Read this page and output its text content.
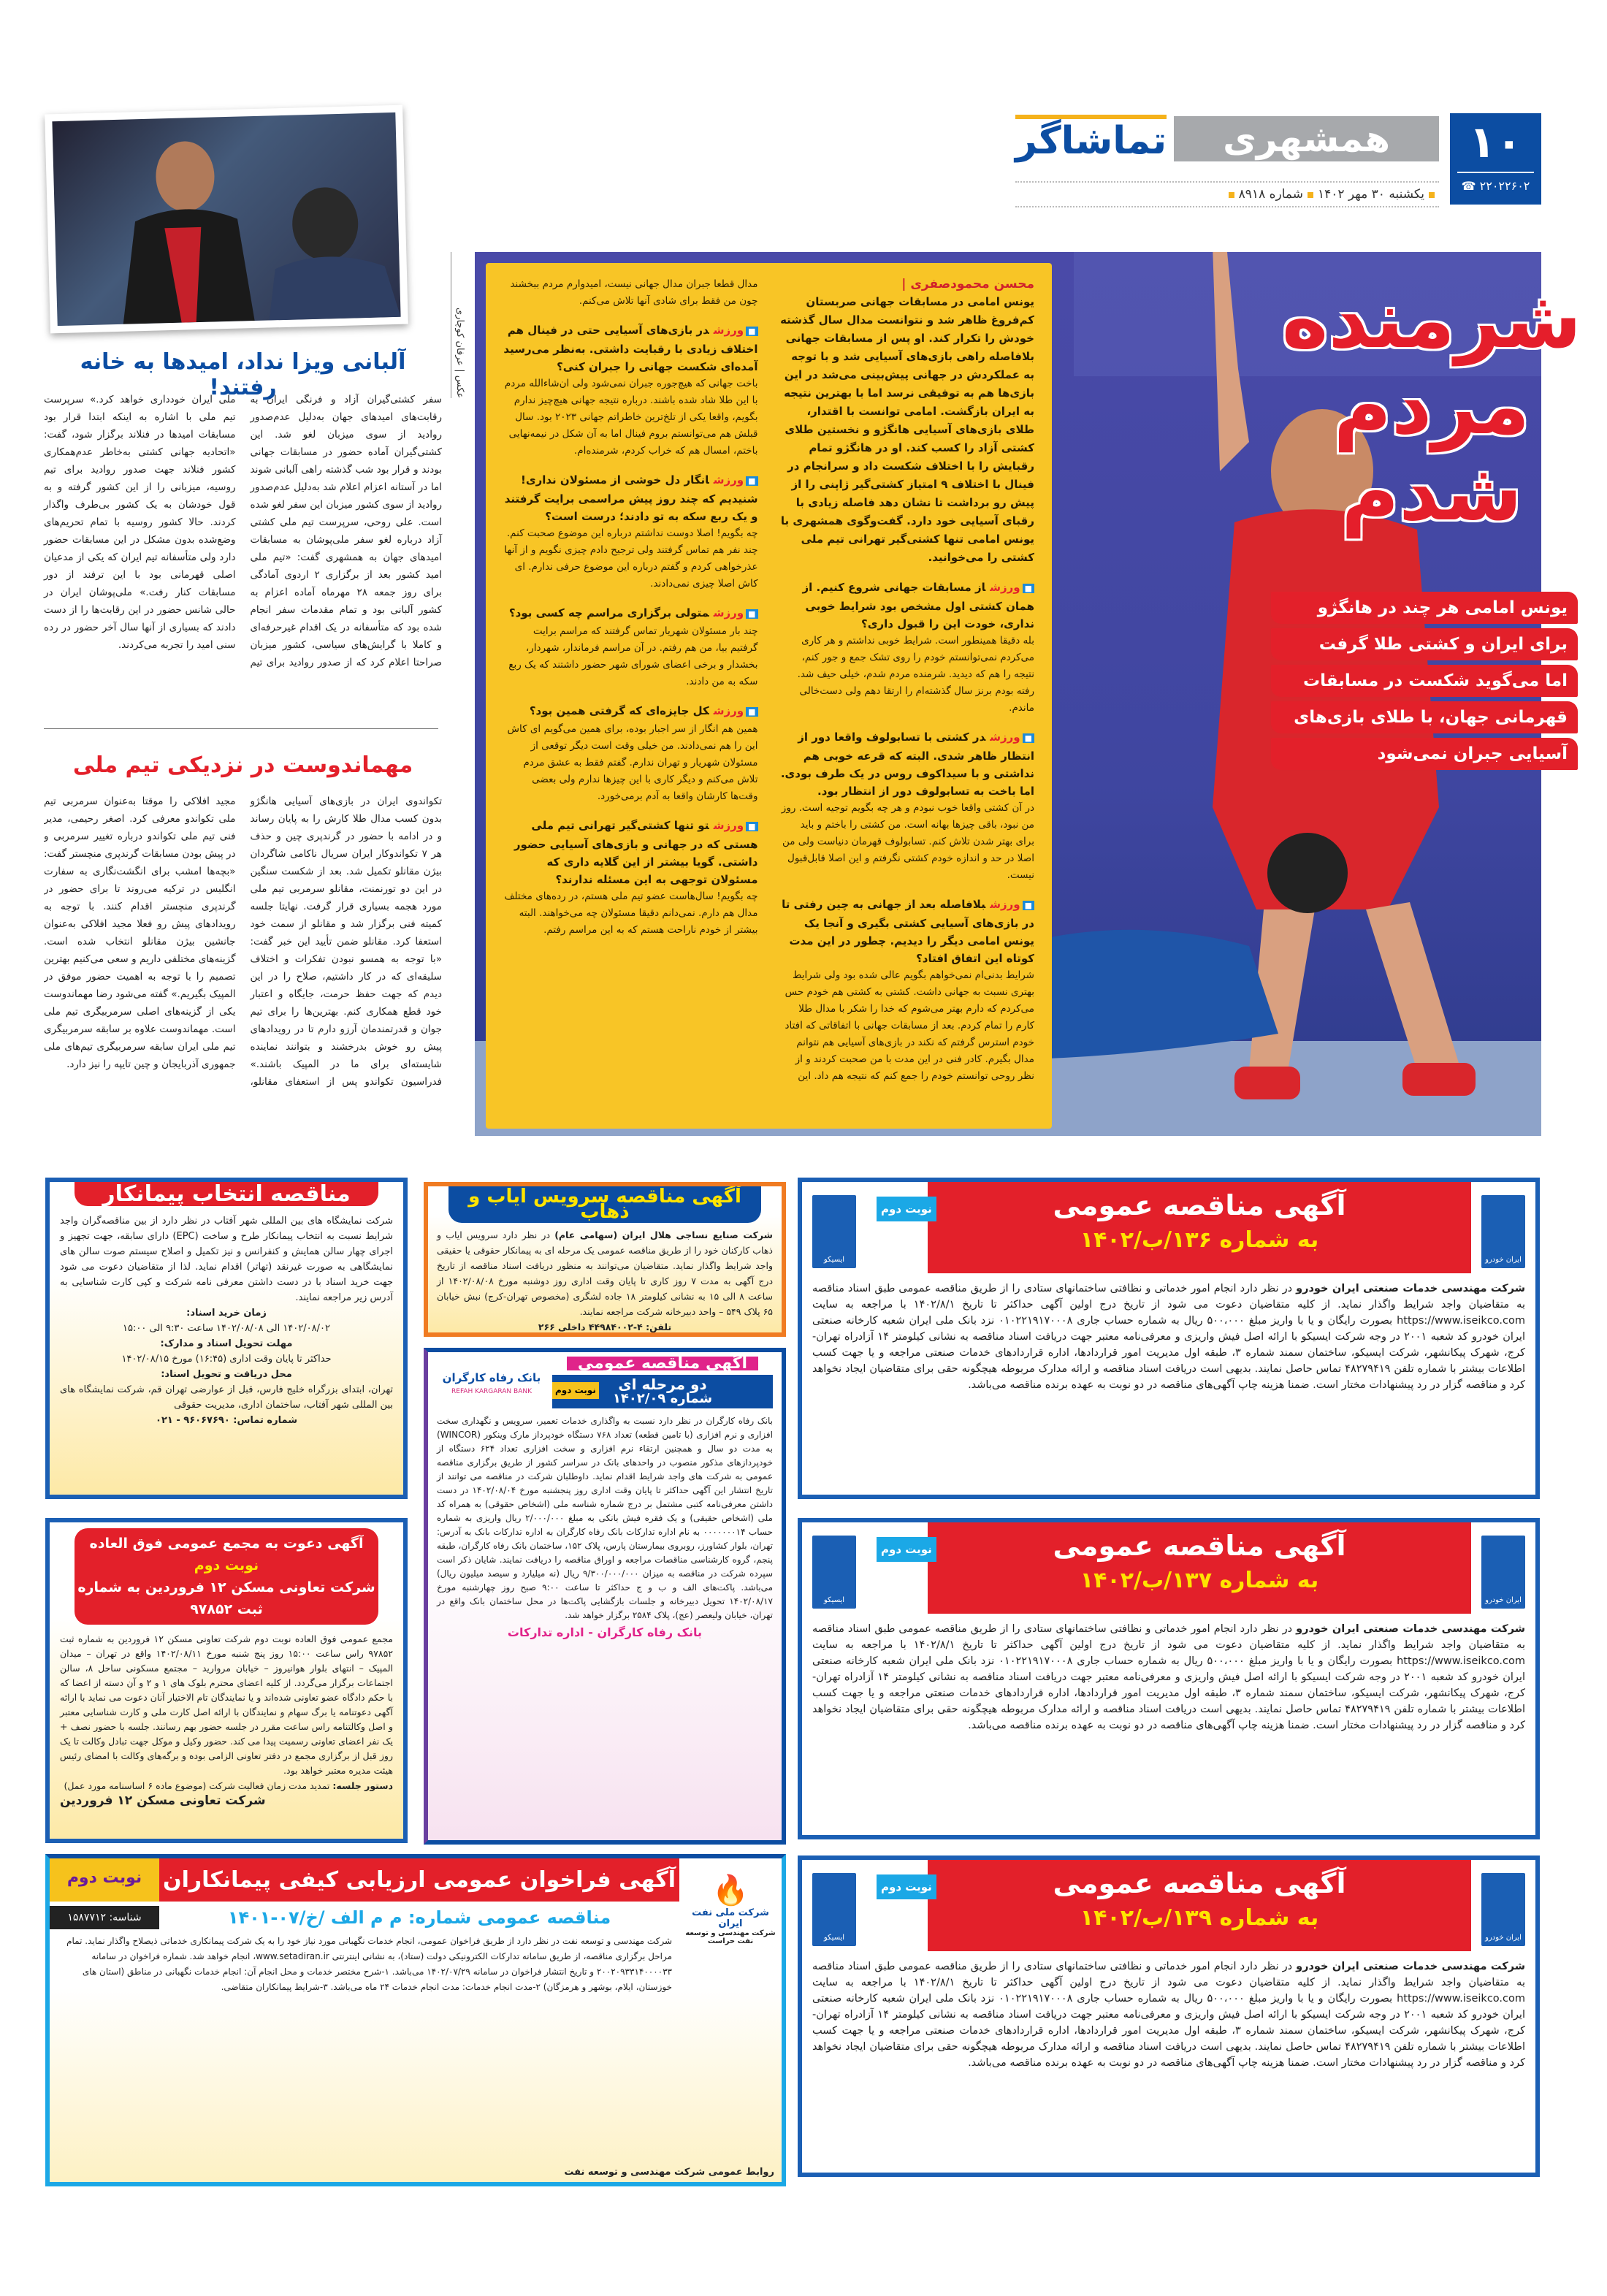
۱۰
☎ ۲۲۰۲۲۶۰۲
همشهری
تماشاگر
یکشنبه ۳۰ مهر ۱۴۰۲شماره ۸۹۱۸
عکس | عرفان کوچاری
محسن محمودصفری |
یونس امامی در مسابقات جهانی صربستان کم‌فروغ ظاهر شد و نتوانست مدال سال گذشته خودش را تکرار کند. او پس از مسابقات جهانی بلافاصله راهی بازی‌های آسیایی شد و با توجه به عملکردش در جهانی پیش‌بینی می‌شد در این بازی‌ها هم به توفیقی نرسد اما با بهترین نتیجه به ایران بازگشت. امامی توانست با اقتدار، طلای بازی‌های آسیایی هانگژو و نخستین طلای کشتی آزاد را کسب کند. او در هانگژو تمام رقبایش را با اختلاف شکست داد و سرانجام در فینال با اختلاف ۹ امتیاز کشتی‌گیر ژاپنی را از پیش رو برداشت تا نشان دهد فاصله زیادی با رقبای آسیایی خود دارد. گفت‌وگوی همشهری با یونس امامی تنها کشتی‌گیر تهرانی تیم ملی کشتی را می‌خوانید.
■ورزشاز مسابقات جهانی شروع کنیم. از همان کشتی اول مشخص بود شرایط خوبی نداری، خودت این را قبول داری؟

بله دقیقا همینطور است. شرایط خوبی نداشتم و هر کاری می‌کردم نمی‌توانستم خودم را روی تشک جمع و جور کنم، نتیجه را هم که دیدید. شرمنده مردم شدم، خیلی حیف شد. رفته بودم برنز سال گذشته‌ام را ارتقا دهم ولی دست‌خالی ماندم.

■ورزشدر کشتی با تسابولوف واقعا دور از انتظار ظاهر شدی. البته که قرعه خوبی هم نداشتی و با سیداکوف روس در یک طرف بودی. اما باخت به تسابولوف دور از انتظار بود.

در آن کشتی واقعا خوب نبودم و هر چه بگویم توجیه است. روز من نبود، باقی چیزها بهانه است. من کشتی را باختم و باید برای بهتر شدن تلاش کنم. تسابولوف قهرمان دنیاست ولی من اصلا در حد و اندازه خودم کشتی نگرفتم و این اصلا قابل‌قبول نیست.

■ورزشبلافاصله بعد از جهانی به چین رفتی تا در بازی‌های آسیایی کشتی بگیری و آنجا یک یونس امامی دیگر را دیدیم. چطور در این مدت کوتاه این اتفاق افتاد؟

شرایط بدنی‌ام نمی‌خواهم بگویم عالی شده بود ولی شرایط بهتری نسبت به جهانی داشت. کشتی به کشتی هم خودم حس می‌کردم که دارم بهتر می‌شوم که خدا را شکر با مدال طلا کارم را تمام کردم. بعد از مسابقات جهانی با اتفاقاتی که افتاد خودم استرس گرفتم که نکند در بازی‌های آسیایی هم نتوانم مدال بگیرم. کادر فنی در این مدت با من صحبت کردند و از نظر روحی توانستم خودم را جمع کنم که نتیجه هم داد. این مدال قطعا جبران مدال جهانی نیست، امیدوارم مردم ببخشند چون من فقط برای شادی آنها تلاش می‌کنم.

■ورزشدر بازی‌های آسیایی حتی در فینال هم اختلاف زیادی با رقبایت داشتی. به‌نظر می‌رسید آمده‌ای شکست جهانی را جبران کنی؟

باخت جهانی که هیچ‌جوره جبران نمی‌شود ولی ان‌شاءالله مردم با این طلا شاد شده باشند. درباره نتیجه جهانی هیچ‌چیز ندارم بگویم، واقعا یکی از تلخ‌ترین خاطراتم جهانی ۲۰۲۳ بود. سال قبلش هم می‌توانستم بروم فینال اما به آن شکل در نیمه‌نهایی باختم، امسال هم که خراب کردم، شرمنده‌ام.

■ورزشانگار دل خوشی از مسئولان نداری! شنیدیم که چند روز پیش مراسمی برایت گرفتند و یک ربع سکه به تو دادند؛ درست است؟

چه بگویم! اصلا دوست نداشتم درباره این موضوع صحبت کنم. چند نفر هم تماس گرفتند ولی ترجیح دادم چیزی نگویم و از آنها عذرخواهی کردم و گفتم درباره این موضوع حرفی ندارم. ای کاش اصلا چیزی نمی‌دادند.

■ورزشمتولی برگزاری مراسم چه کسی بود؟

چند بار مسئولان شهریار تماس گرفتند که مراسم برایت گرفتیم بیا، من هم رفتم. در آن مراسم فرماندار، شهردار، بخشدار و برخی اعضای شورای شهر حضور داشتند که یک ربع سکه به من دادند.

■ورزشکل جایزه‌ای که گرفتی همین بود؟

همین هم انگار از سر اجبار بوده، برای همین می‌گویم ای کاش این را هم نمی‌دادند. من خیلی وقت است دیگر توقعی از مسئولان شهریار و تهران ندارم. گفتم فقط به عشق مردم تلاش می‌کنم و دیگر کاری با این چیزها ندارم ولی بعضی وقت‌ها کارشان واقعا به آدم برمی‌خورد.

■ورزشتو تنها کشتی‌گیر تهرانی تیم ملی هستی که در جهانی و بازی‌های آسیایی حضور داشتی. گویا بیشتر از این گلایه داری که مسئولان توجهی به این مسئله ندارند؟

چه بگویم! سال‌هاست عضو تیم ملی هستم، در رده‌های مختلف مدال هم دارم. نمی‌دانم دقیقا مسئولان چه می‌خواهند. البته بیشتر از خودم ناراحت هستم که به این مراسم رفتم.

شرمنده مردم شدم
یونس امامی هر چند در هانگژو
برای ایران و کشتی طلا گرفت
اما می‌گوید شکست در مسابقات
قهرمانی جهان، با طلای بازی‌های
آسیایی جبران نمی‌شود
آلبانی ویزا نداد، امیدها به خانه رفتند!
سفر کشتی‌گیران آزاد و فرنگی ایران به رقابت‌های امیدهای جهان به‌دلیل عدم‌صدور روادید از سوی میزبان لغو شد. این کشتی‌گیران آماده حضور در مسابقات جهانی بودند و قرار بود شب گذشته راهی آلبانی شوند اما در آستانه اعزام اعلام شد به‌دلیل عدم‌صدور روادید از سوی کشور میزبان این سفر لغو شده است. علی روحی، سرپرست تیم ملی کشتی آزاد درباره لغو سفر ملی‌پوشان به مسابقات امیدهای جهان به همشهری گفت: «تیم ملی امید کشور بعد از برگزاری ۲ اردوی آمادگی برای روز جمعه ۲۸ مهرماه آماده اعزام به کشور آلبانی بود و تمام مقدمات سفر انجام شده بود که متأسفانه در یک اقدام غیرحرفه‌ای و کاملا با گرایش‌های سیاسی، کشور میزبان صراحتا اعلام کرد که از صدور روادید برای تیم ملی ایران خودداری خواهد کرد.» سرپرست تیم ملی با اشاره به اینکه ابتدا قرار بود مسابقات امیدها در فنلاند برگزار شود، گفت: «اتحادیه جهانی کشتی به‌خاطر عدم‌همکاری کشور فنلاند جهت صدور روادید برای تیم روسیه، میزبانی را از این کشور گرفته و به قول خودشان به یک کشور بی‌طرف واگذار کردند. حالا کشور روسیه با تمام تحریم‌های وضع‌شده بدون مشکل در این مسابقات حضور دارد ولی متأسفانه تیم ایران که یکی از مدعیان اصلی قهرمانی بود با این ترفند از دور مسابقات کنار رفت.» ملی‌پوشان ایران در حالی شانس حضور در این رقابت‌ها را از دست دادند که بسیاری از آنها سال آخر حضور در رده سنی امید را تجربه می‌کردند.
مهماندوست در نزدیکی تیم ملی
تکواندوی ایران در بازی‌های آسیایی هانگژو بدون کسب مدال طلا کارش را به پایان رساند و در ادامه با حضور در گرندپری چین و حذف هر ۷ تکواندوکار ایران سریال ناکامی شاگردان بیژن مقانلو تکمیل شد. بعد از شکست سنگین در این دو تورنمنت، مقانلو سرمربی تیم ملی مورد هجمه بسیاری قرار گرفت. نهایتا جلسه کمیته فنی برگزار شد و مقانلو از سمت خود استعفا کرد. مقانلو ضمن تأیید این خبر گفت: «با توجه به همسو نبودن تفکرات و اختلاف سلیقه‌ای که در کار داشتیم، صلاح را در این دیدم که جهت حفظ حرمت، جایگاه و اعتبار خود قطع همکاری کنم. بهترین‌ها را برای تیم جوان و قدرتمندمان آرزو دارم تا در رویدادهای پیش رو خوش بدرخشند و بتوانند نماینده شایسته‌ای برای ما در المپیک باشند.» فدراسیون تکواندو پس از استعفای مقانلو، مجید افلاکی را موقتا به‌عنوان سرمربی تیم ملی تکواندو معرفی کرد. اصغر رحیمی، مدیر فنی تیم ملی تکواندو درباره تغییر سرمربی و در پیش بودن مسابقات گرندپری منچستر گفت: «بچه‌ها امشب برای انگشت‌نگاری به سفارت انگلیس در ترکیه می‌روند تا برای حضور در گرندپری منچستر اقدام کنند. با توجه به رویدادهای پیش رو فعلا مجید افلاکی به‌عنوان جانشین بیژن مقانلو انتخاب شده است. گزینه‌های مختلفی داریم و سعی می‌کنیم بهترین تصمیم را با توجه به اهمیت حضور موفق در المپیک بگیریم.» گفته می‌شود رضا مهماندوست یکی از گزینه‌های اصلی سرمربیگری تیم ملی است. مهماندوست علاوه بر سابقه سرمربیگری تیم ملی ایران سابقه سرمربیگری تیم‌های ملی جمهوری آذربایجان و چین تایپه را نیز دارد.
مناقصه انتخاب پیمانکار
شرکت نمایشگاه های بین المللی شهر آفتاب در نظر دارد از بین مناقصه‌گران واجد شرایط نسبت به انتخاب پیمانکار طرح و ساخت (EPC) دارای سابقه، جهت تجهیز و اجرای چهار سالن همایش و کنفرانس و نیز تکمیل و اصلاح سیستم صوت سالن های نمایشگاهی به صورت غیرنقد (تهاتر) اقدام نماید. لذا از متقاضیان دعوت می شود جهت خرید اسناد با در دست داشتن معرفی نامه شرکت و کپی کارت شناسایی به آدرس زیر مراجعه نمایند.
زمان خرید اسناد:
۱۴۰۲/۰۸/۰۲ الی ۱۴۰۲/۰۸/۰۸ ساعت ۹:۳۰ الی ۱۵:۰۰
مهلت تحویل اسناد و مدارک:
حداکثر تا پایان وقت اداری (۱۶:۴۵) مورخ ۱۴۰۲/۰۸/۱۵
محل دریافت و تحویل اسناد:
تهران، ابتدای بزرگراه خلیج فارس، قبل از عوارضی تهران قم، شرکت نمایشگاه های بین المللی شهر آفتاب، ساختمان اداری، مدیریت حقوقی
شماره تماس: ۹۶۰۶۷۶۹۰ - ۰۲۱
آگهی دعوت به مجمع عمومی فوق العاده نوبت دوم
شرکت تعاونی مسکن ۱۲ فروردین به شماره ثبت ۹۷۸۵۲
مجمع عمومی فوق العاده نوبت دوم شرکت تعاونی مسکن ۱۲ فروردین به شماره ثبت ۹۷۸۵۲ راس ساعت ۱۵:۰۰ روز پنج شنبه مورخ ۱۴۰۲/۰۸/۱۱ واقع در تهران – میدان المپیک – انتهای بلوار هوانیروز – خیابان مروارید – مجتمع مسکونی ساحل ۸، سالن اجتماعات برگزار می‌گردد. از کلیه اعضای محترم بلوک های ۱ و ۲ و آن دسته از اعضا که با حکم دادگاه عضو تعاونی شده‌اند و یا نمایندگان تام الاختیار آنان دعوت می نماید با ارائه آگهی دعوتنامه یا برگ سهام و نمایندگان با ارائه اصل کارت ملی و کارت شناسایی معتبر و اصل وکالتنامه راس ساعت مقرر در جلسه حضور بهم رسانند. جلسه با حضور نصف + یک نفر اعضای تعاونی رسمیت پیدا می کند. حضور وکیل و موکل جهت تبادل وکالت تا یک روز قبل از برگزاری مجمع در دفتر تعاونی الزامی بوده و برگه‌های وکالت با امضای رئیس هیئت مدیره معتبر خواهد بود.
دستور جلسه: تمدید مدت زمان فعالیت شرکت (موضوع ماده ۶ اساسنامه مورد عمل)
شرکت تعاونی مسکن ۱۲ فروردین
آگهی مناقصه سرویس ایاب و ذهاب
شرکت صنایع نساجی هلال ایران (سهامی عام) در نظر دارد سرویس ایاب و ذهاب کارکنان خود را از طریق مناقصه عمومی یک مرحله ای به پیمانکار حقوقی یا حقیقی واجد شرایط واگذار نماید. متقاضیان می‌توانند به منظور دریافت اسناد مناقصه از تاریخ درج آگهی به مدت ۷ روز کاری تا پایان وقت اداری روز دوشنبه مورخ ۱۴۰۲/۰۸/۰۸ از ساعت ۸ الی ۱۵ به نشانی کیلومتر ۱۸ جاده لشگری (مخصوص تهران-کرج) نبش خیابان ۶۵ پلاک ۵۴۹ – واحد دبیرخانه شرکت مراجعه نمایند.
تلفن: ۴-۴۴۹۸۴۰۰۲ داخلی ۲۶۶
آگهی مناقصه عمومی
دو مرحله ای
شماره ۱۴۰۲/۰۹
نوبت دوم
بانک رفاه کارگران
REFAH KARGARAN BANK
بانک رفاه کارگران در نظر دارد نسبت به واگذاری خدمات تعمیر، سرویس و نگهداری سخت افزاری و نرم افزاری (با تامین قطعه) تعداد ۷۶۸ دستگاه خودپرداز مارک وینکور (WINCOR) به مدت دو سال و همچنین ارتقاء نرم افزاری و سخت افزاری تعداد ۶۲۴ دستگاه از خودپردازهای مذکور منصوب در واحدهای بانک در سراسر کشور از طریق برگزاری مناقصه عمومی به شرکت های واجد شرایط اقدام نماید. داوطلبان شرکت در مناقصه می توانند از تاریخ انتشار این آگهی حداکثر تا پایان وقت اداری روز پنجشنبه مورخ ۱۴۰۲/۰۸/۰۴ در دست داشتن معرفی‌نامه کتبی مشتمل بر درج شماره شناسه ملی (اشخاص حقوقی) به همراه کد ملی (اشخاص حقیقی) و یک فقره فیش بانکی به مبلغ ۲/۰۰۰/۰۰۰ ریال واریزی به شماره حساب ۰۰۰۰۰۰۰۱۴ به نام اداره تدارکات بانک رفاه کارگران به اداره تدارکات بانک به آدرس: تهران، بلوار کشاورز، روبروی بیمارستان پارس، پلاک ۱۵۲، ساختمان بانک رفاه کارگران، طبقه پنجم، گروه کارشناسی مناقصات مراجعه و اوراق مناقصه را دریافت نمایند. شایان ذکر است سپرده شرکت در مناقصه به میزان ۹/۳۰۰/۰۰۰/۰۰۰ ریال (نه میلیارد و سیصد میلیون ریال) می‌باشد. پاکت‌های الف و ب و ج حداکثر تا ساعت ۹:۰۰ صبح روز چهارشنبه مورخ ۱۴۰۲/۰۸/۱۷ تحویل دبیرخانه و جلسات بازگشایی پاکت‌ها در محل ساختمان بانک واقع در تهران، خیابان ولیعصر (عج)، پلاک ۲۵۸۴ برگزار خواهد شد.
بانک رفاه کارگران - اداره تدارکات
🔥
شرکت ملی نفت ایران
شرکت مهندسی و توسعه نفت حراست
آگهی فراخوان عمومی ارزیابی کیفی پیمانکاران
نوبت دوم
مناقصه عمومی شماره: م م الف /خ/۰۷-۱۴۰۱
شناسه: ۱۵۸۷۷۱۲
شرکت مهندسی و توسعه نفت در نظر دارد از طریق فراخوان عمومی، انجام خدمات نگهبانی مورد نیاز خود را به یک شرکت پیمانکاری خدماتی ذیصلاح واگذار نماید. تمام مراحل برگزاری مناقصه، از طریق سامانه تدارکات الکترونیکی دولت (ستاد)، به نشانی اینترنتی www.setadiran.ir، انجام خواهد شد. شماره فراخوان در سامانه ۲۰۰۲۰۹۳۳۱۴۰۰۰۰۳۳ و تاریخ انتشار فراخوان در سامانه ۱۴۰۲/۰۷/۲۹ می‌باشد. ۱-شرح مختصر خدمات و محل انجام آن: انجام خدمات نگهبانی در مناطق (استان های خوزستان، ایلام، بوشهر و هرمزگان) ۲-مدت انجام خدمات: مدت انجام خدمات ۲۴ ماه می‌باشد. ۳-شرایط پیمانکاران متقاضی.
روابط عمومی شرکت مهندسی و توسعه نفت
ایران خودرو
آگهی مناقصه عمومی
به شماره ۱۳۶/ب/۱۴۰۲
نوبت دوم
ایسیکو
شرکت مهندسی خدمات صنعتی ایران خودرو در نظر دارد انجام امور خدماتی و نظافتی ساختمانهای ستادی را از طریق مناقصه عمومی طبق اسناد مناقصه به متقاضیان واجد شرایط واگذار نماید. از کلیه متقاضیان دعوت می شود از تاریخ درج اولین آگهی حداکثر تا تاریخ ۱۴۰۲/۸/۱ با مراجعه به سایت https://www.iseikco.com بصورت رایگان و یا با واریز مبلغ ۵۰۰،۰۰۰ ریال به شماره حساب جاری ۰۱۰۲۲۱۹۱۷۰۰۰۸ نزد بانک ملی ایران شعبه کارخانه صنعتی ایران خودرو کد شعبه ۲۰۰۱ در وجه شرکت ایسیکو با ارائه اصل فیش واریزی و معرفی‌نامه معتبر جهت دریافت اسناد مناقصه به نشانی کیلومتر ۱۴ آزادراه تهران-کرج، شهرک پیکانشهر، شرکت ایسیکو، ساختمان سمند شماره ۳، طبقه اول مدیریت امور قراردادها، اداره قراردادهای خدمات صنعتی مراجعه و یا جهت کسب اطلاعات بیشتر با شماره تلفن ۴۸۲۷۹۴۱۹ تماس حاصل نمایند. بدیهی است دریافت اسناد مناقصه و ارائه مدارک مربوطه هیچگونه حقی برای متقاضیان ایجاد نخواهد کرد و مناقصه گزار در رد پیشنهادات مختار است. ضمنا هزینه چاپ آگهی‌های مناقصه در دو نوبت به عهده برنده مناقصه می‌باشد.
ایران خودرو
آگهی مناقصه عمومی
به شماره ۱۳۷/ب/۱۴۰۲
نوبت دوم
ایسیکو
شرکت مهندسی خدمات صنعتی ایران خودرو در نظر دارد انجام امور خدماتی و نظافتی ساختمانهای ستادی را از طریق مناقصه عمومی طبق اسناد مناقصه به متقاضیان واجد شرایط واگذار نماید. از کلیه متقاضیان دعوت می شود از تاریخ درج اولین آگهی حداکثر تا تاریخ ۱۴۰۲/۸/۱ با مراجعه به سایت https://www.iseikco.com بصورت رایگان و یا با واریز مبلغ ۵۰۰،۰۰۰ ریال به شماره حساب جاری ۰۱۰۲۲۱۹۱۷۰۰۰۸ نزد بانک ملی ایران شعبه کارخانه صنعتی ایران خودرو کد شعبه ۲۰۰۱ در وجه شرکت ایسیکو با ارائه اصل فیش واریزی و معرفی‌نامه معتبر جهت دریافت اسناد مناقصه به نشانی کیلومتر ۱۴ آزادراه تهران-کرج، شهرک پیکانشهر، شرکت ایسیکو، ساختمان سمند شماره ۳، طبقه اول مدیریت امور قراردادها، اداره قراردادهای خدمات صنعتی مراجعه و یا جهت کسب اطلاعات بیشتر با شماره تلفن ۴۸۲۷۹۴۱۹ تماس حاصل نمایند. بدیهی است دریافت اسناد مناقصه و ارائه مدارک مربوطه هیچگونه حقی برای متقاضیان ایجاد نخواهد کرد و مناقصه گزار در رد پیشنهادات مختار است. ضمنا هزینه چاپ آگهی‌های مناقصه در دو نوبت به عهده برنده مناقصه می‌باشد.
ایران خودرو
آگهی مناقصه عمومی
به شماره ۱۳۹/ب/۱۴۰۲
نوبت دوم
ایسیکو
شرکت مهندسی خدمات صنعتی ایران خودرو در نظر دارد انجام امور خدماتی و نظافتی ساختمانهای ستادی را از طریق مناقصه عمومی طبق اسناد مناقصه به متقاضیان واجد شرایط واگذار نماید. از کلیه متقاضیان دعوت می شود از تاریخ درج اولین آگهی حداکثر تا تاریخ ۱۴۰۲/۸/۱ با مراجعه به سایت https://www.iseikco.com بصورت رایگان و یا با واریز مبلغ ۵۰۰،۰۰۰ ریال به شماره حساب جاری ۰۱۰۲۲۱۹۱۷۰۰۰۸ نزد بانک ملی ایران شعبه کارخانه صنعتی ایران خودرو کد شعبه ۲۰۰۱ در وجه شرکت ایسیکو با ارائه اصل فیش واریزی و معرفی‌نامه معتبر جهت دریافت اسناد مناقصه به نشانی کیلومتر ۱۴ آزادراه تهران-کرج، شهرک پیکانشهر، شرکت ایسیکو، ساختمان سمند شماره ۳، طبقه اول مدیریت امور قراردادها، اداره قراردادهای خدمات صنعتی مراجعه و یا جهت کسب اطلاعات بیشتر با شماره تلفن ۴۸۲۷۹۴۱۹ تماس حاصل نمایند. بدیهی است دریافت اسناد مناقصه و ارائه مدارک مربوطه هیچگونه حقی برای متقاضیان ایجاد نخواهد کرد و مناقصه گزار در رد پیشنهادات مختار است. ضمنا هزینه چاپ آگهی‌های مناقصه در دو نوبت به عهده برنده مناقصه می‌باشد.
